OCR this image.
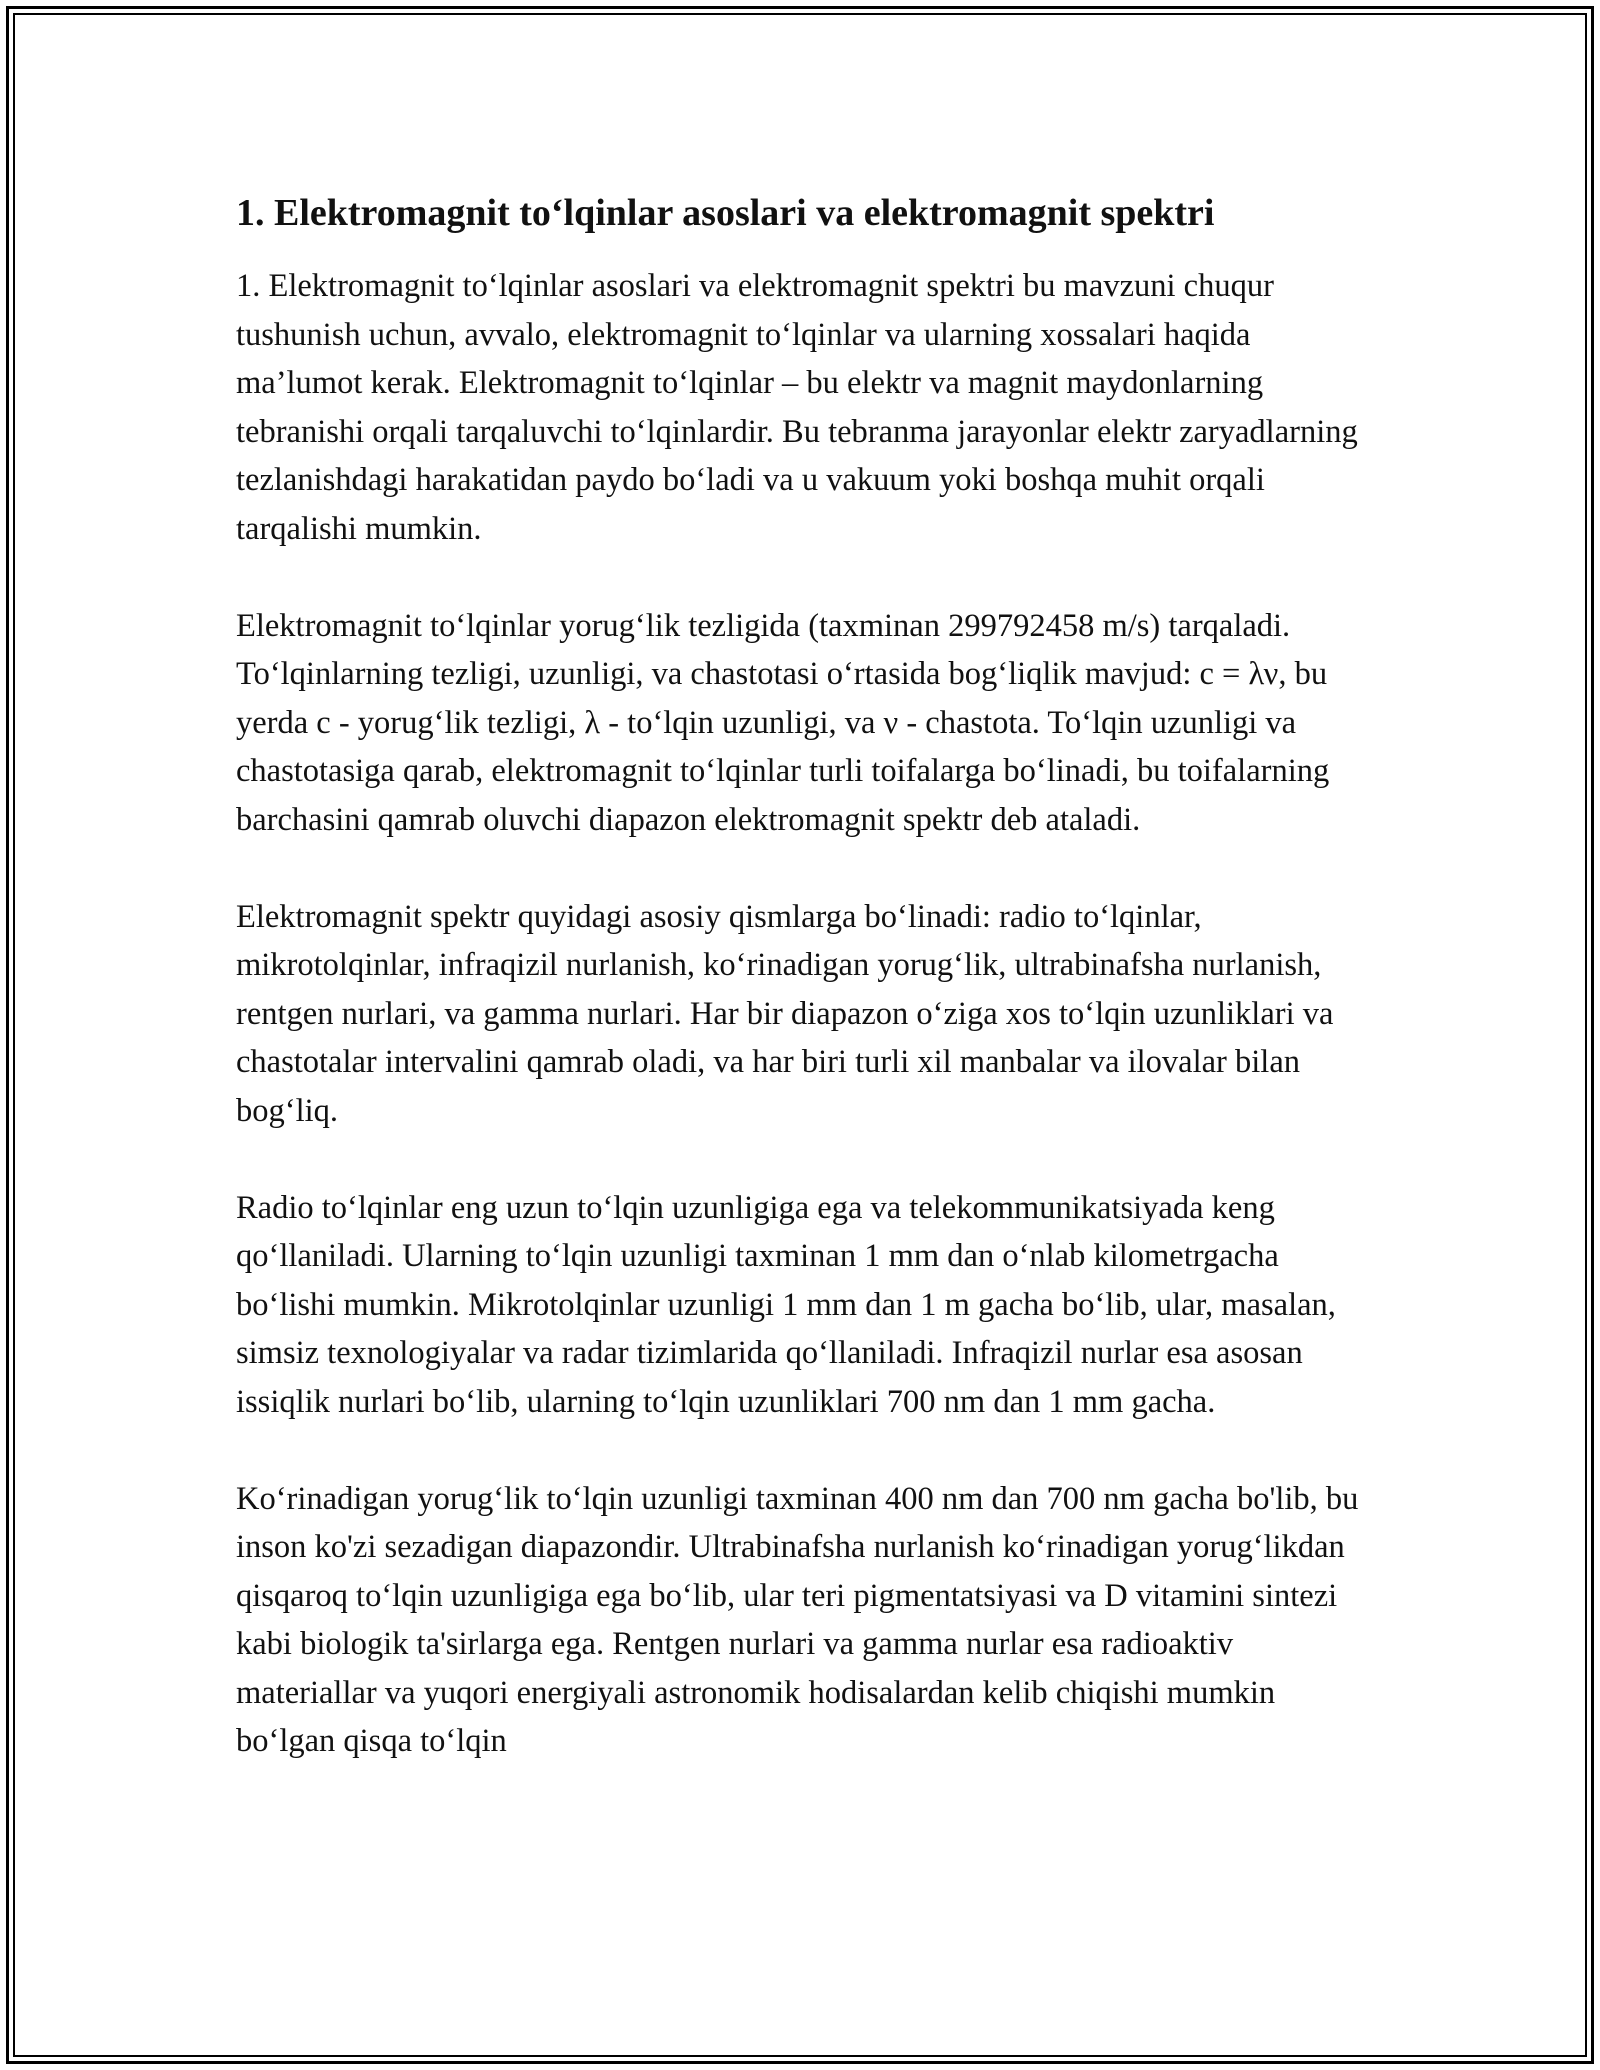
1. Elektromagnit to‘lqinlar asoslari va elektromagnit spektri

1. Elektromagnit to‘lqinlar asoslari va elektromagnit spektri bu mavzuni chuqur tushunish uchun, avvalo, elektromagnit to‘lqinlar va ularning xossalari haqida ma’lumot kerak. Elektromagnit to‘lqinlar – bu elektr va magnit maydonlarning tebranishi orqali tarqaluvchi to‘lqinlardir. Bu tebranma jarayonlar elektr zaryadlarning tezlanishdagi harakatidan paydo bo‘ladi va u vakuum yoki boshqa muhit orqali tarqalishi mumkin.

Elektromagnit to‘lqinlar yorug‘lik tezligida (taxminan 299792458 m/s) tarqaladi. To‘lqinlarning tezligi, uzunligi, va chastotasi o‘rtasida bog‘liqlik mavjud: c = λν, bu yerda c - yorug‘lik tezligi, λ - to‘lqin uzunligi, va ν - chastota. To‘lqin uzunligi va chastotasiga qarab, elektromagnit to‘lqinlar turli toifalarga bo‘linadi, bu toifalarning barchasini qamrab oluvchi diapazon elektromagnit spektr deb ataladi.

Elektromagnit spektr quyidagi asosiy qismlarga bo‘linadi: radio to‘lqinlar, mikrotolqinlar, infraqizil nurlanish, ko‘rinadigan yorug‘lik, ultrabinafsha nurlanish, rentgen nurlari, va gamma nurlari. Har bir diapazon o‘ziga xos to‘lqin uzunliklari va chastotalar intervalini qamrab oladi, va har biri turli xil manbalar va ilovalar bilan bog‘liq.

Radio to‘lqinlar eng uzun to‘lqin uzunligiga ega va telekommunikatsiyada keng qo‘llaniladi. Ularning to‘lqin uzunligi taxminan 1 mm dan o‘nlab kilometrgacha bo‘lishi mumkin. Mikrotolqinlar uzunligi 1 mm dan 1 m gacha bo‘lib, ular, masalan, simsiz texnologiyalar va radar tizimlarida qo‘llaniladi. Infraqizil nurlar esa asosan issiqlik nurlari bo‘lib, ularning to‘lqin uzunliklari 700 nm dan 1 mm gacha.

Ko‘rinadigan yorug‘lik to‘lqin uzunligi taxminan 400 nm dan 700 nm gacha bo'lib, bu inson ko'zi sezadigan diapazondir. Ultrabinafsha nurlanish ko‘rinadigan yorug‘likdan qisqaroq to‘lqin uzunligiga ega bo‘lib, ular teri pigmentatsiyasi va D vitamini sintezi kabi biologik ta'sirlarga ega. Rentgen nurlari va gamma nurlar esa radioaktiv materiallar va yuqori energiyali astronomik hodisalardan kelib chiqishi mumkin bo‘lgan qisqa to‘lqin
